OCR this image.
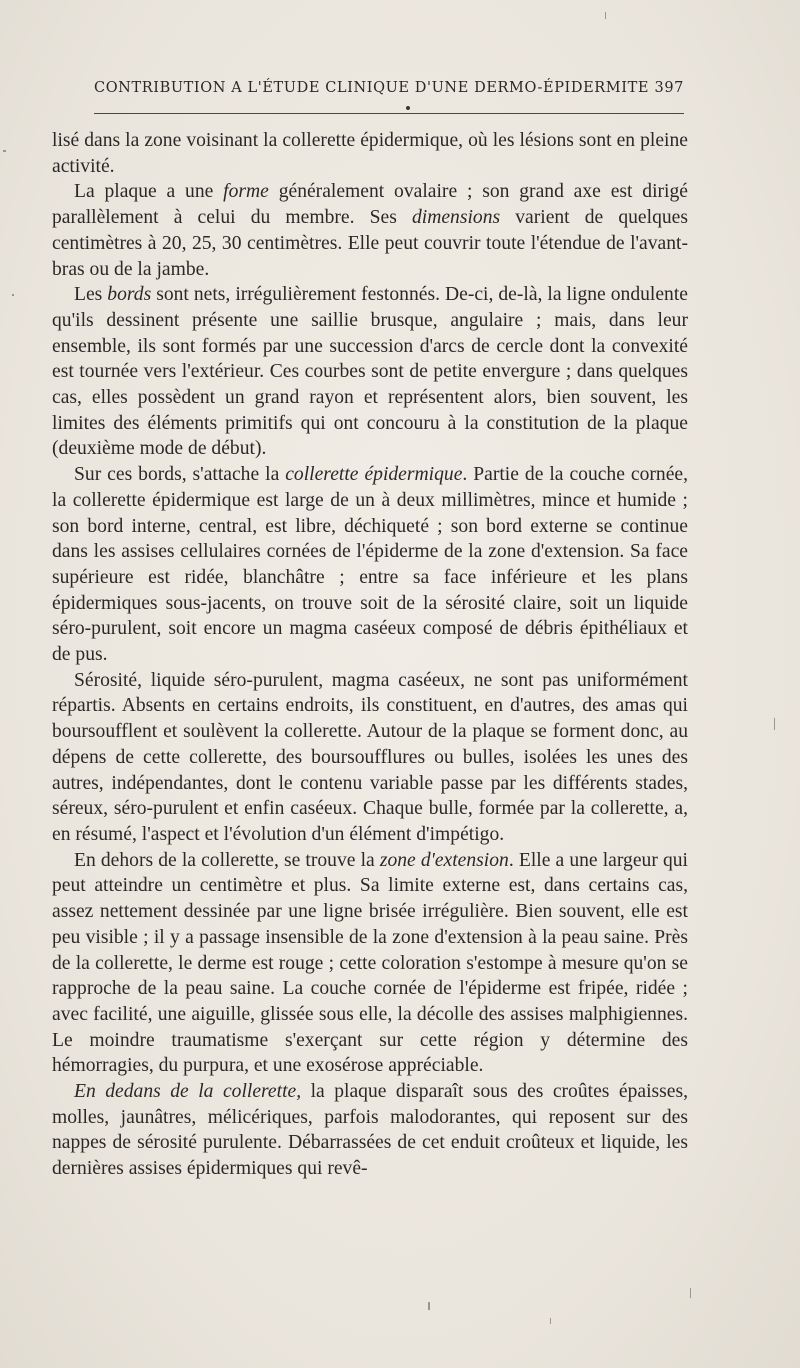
CONTRIBUTION A L'ÉTUDE CLINIQUE D'UNE DERMO-ÉPIDERMITE 397

lisé dans la zone voisinant la collerette épidermique, où les lésions sont en pleine activité.

La plaque a une forme généralement ovalaire ; son grand axe est dirigé parallèlement à celui du membre. Ses dimensions varient de quelques centimètres à 20, 25, 30 centimètres. Elle peut couvrir toute l'étendue de l'avant-bras ou de la jambe.

Les bords sont nets, irrégulièrement festonnés. De-ci, de-là, la ligne ondulente qu'ils dessinent présente une saillie brusque, angulaire ; mais, dans leur ensemble, ils sont formés par une succession d'arcs de cercle dont la convexité est tournée vers l'extérieur. Ces courbes sont de petite envergure ; dans quelques cas, elles possèdent un grand rayon et représentent alors, bien souvent, les limites des éléments primitifs qui ont concouru à la constitution de la plaque (deuxième mode de début).

Sur ces bords, s'attache la collerette épidermique. Partie de la couche cornée, la collerette épidermique est large de un à deux millimètres, mince et humide ; son bord interne, central, est libre, déchiqueté ; son bord externe se continue dans les assises cellulaires cornées de l'épiderme de la zone d'extension. Sa face supérieure est ridée, blanchâtre ; entre sa face inférieure et les plans épidermiques sous-jacents, on trouve soit de la sérosité claire, soit un liquide séro-purulent, soit encore un magma caséeux composé de débris épithéliaux et de pus.

Sérosité, liquide séro-purulent, magma caséeux, ne sont pas uniformément répartis. Absents en certains endroits, ils constituent, en d'autres, des amas qui boursoufflent et soulèvent la collerette. Autour de la plaque se forment donc, au dépens de cette collerette, des boursoufflures ou bulles, isolées les unes des autres, indépendantes, dont le contenu variable passe par les différents stades, séreux, séro-purulent et enfin caséeux. Chaque bulle, formée par la collerette, a, en résumé, l'aspect et l'évolution d'un élément d'impétigo.

En dehors de la collerette, se trouve la zone d'extension. Elle a une largeur qui peut atteindre un centimètre et plus. Sa limite externe est, dans certains cas, assez nettement dessinée par une ligne brisée irrégulière. Bien souvent, elle est peu visible ; il y a passage insensible de la zone d'extension à la peau saine. Près de la collerette, le derme est rouge ; cette coloration s'estompe à mesure qu'on se rapproche de la peau saine. La couche cornée de l'épiderme est fripée, ridée ; avec facilité, une aiguille, glissée sous elle, la décolle des assises malphigiennes. Le moindre traumatisme s'exerçant sur cette région y détermine des hémorragies, du purpura, et une exosérose appréciable.

En dedans de la collerette, la plaque disparaît sous des croûtes épaisses, molles, jaunâtres, mélicériques, parfois malodorantes, qui reposent sur des nappes de sérosité purulente. Débarrassées de cet enduit croûteux et liquide, les dernières assises épidermiques qui revê-
